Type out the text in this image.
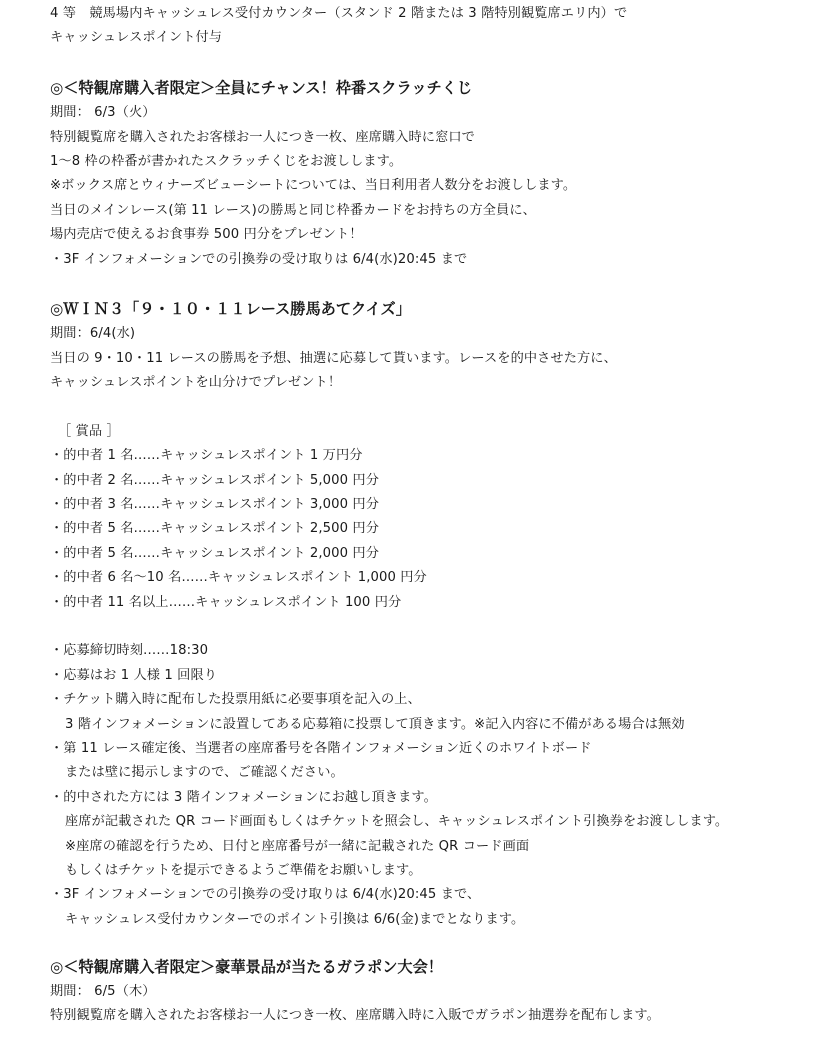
4 等　競馬場内キャッシュレス受付カウンター（スタンド 2 階または 3 階特別観覧席エリ内）で
キャッシュレスポイント付与
◎＜特観席購入者限定＞全員にチャンス！枠番スクラッチくじ
期間： 6/3（火）
特別観覧席を購入されたお客様お一人につき一枚、座席購入時に窓口で
1〜8 枠の枠番が書かれたスクラッチくじをお渡しします。
※ボックス席とウィナーズビューシートについては、当日利用者人数分をお渡しします。
当日のメインレース(第 11 レース)の勝馬と同じ枠番カードをお持ちの方全員に、
場内売店で使えるお食事券 500 円分をプレゼント！
・3F インフォメーションでの引換券の受け取りは 6/4(水)20:45 まで
◎ＷＩＮ３「９・１０・１１レース勝馬あてクイズ」
期間：6/4(水)
当日の 9・10・11 レースの勝馬を予想、抽選に応募して貰います。レースを的中させた方に、
キャッシュレスポイントを山分けでプレゼント！
［ 賞品 ］
・的中者 1 名……キャッシュレスポイント 1 万円分
・的中者 2 名……キャッシュレスポイント 5,000 円分
・的中者 3 名……キャッシュレスポイント 3,000 円分
・的中者 5 名……キャッシュレスポイント 2,500 円分
・的中者 5 名……キャッシュレスポイント 2,000 円分
・的中者 6 名〜10 名……キャッシュレスポイント 1,000 円分
・的中者 11 名以上……キャッシュレスポイント 100 円分
・応募締切時刻……18:30
・応募はお 1 人様 1 回限り
・チケット購入時に配布した投票用紙に必要事項を記入の上、
3 階インフォメーションに設置してある応募箱に投票して頂きます。※記入内容に不備がある場合は無効
・第 11 レース確定後、当選者の座席番号を各階インフォメーション近くのホワイトボード
または壁に掲示しますので、ご確認ください。
・的中された方には 3 階インフォメーションにお越し頂きます。
座席が記載された QR コード画面もしくはチケットを照会し、キャッシュレスポイント引換券をお渡しします。
※座席の確認を行うため、日付と座席番号が一緒に記載された QR コード画面
もしくはチケットを提示できるようご準備をお願いします。
・3F インフォメーションでの引換券の受け取りは 6/4(水)20:45 まで、
キャッシュレス受付カウンターでのポイント引換は 6/6(金)までとなります。
◎＜特観席購入者限定＞豪華景品が当たるガラポン大会！
期間： 6/5（木）
特別観覧席を購入されたお客様お一人につき一枚、座席購入時に入販でガラポン抽選券を配布します。
